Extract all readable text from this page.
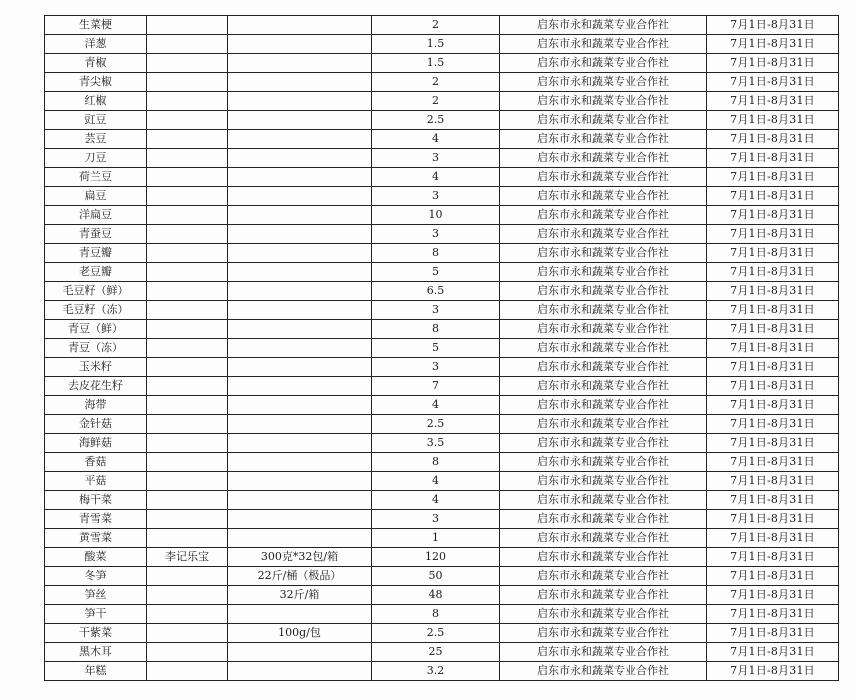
生菜梗			2	启东市永和蔬菜专业合作社	7月1日-8月31日
洋葱			1.5	启东市永和蔬菜专业合作社	7月1日-8月31日
青椒			1.5	启东市永和蔬菜专业合作社	7月1日-8月31日
青尖椒			2	启东市永和蔬菜专业合作社	7月1日-8月31日
红椒			2	启东市永和蔬菜专业合作社	7月1日-8月31日
豇豆			2.5	启东市永和蔬菜专业合作社	7月1日-8月31日
芸豆			4	启东市永和蔬菜专业合作社	7月1日-8月31日
刀豆			3	启东市永和蔬菜专业合作社	7月1日-8月31日
荷兰豆			4	启东市永和蔬菜专业合作社	7月1日-8月31日
扁豆			3	启东市永和蔬菜专业合作社	7月1日-8月31日
洋扁豆			10	启东市永和蔬菜专业合作社	7月1日-8月31日
青蚕豆			3	启东市永和蔬菜专业合作社	7月1日-8月31日
青豆瓣			8	启东市永和蔬菜专业合作社	7月1日-8月31日
老豆瓣			5	启东市永和蔬菜专业合作社	7月1日-8月31日
毛豆籽（鲜）			6.5	启东市永和蔬菜专业合作社	7月1日-8月31日
毛豆籽（冻）			3	启东市永和蔬菜专业合作社	7月1日-8月31日
青豆（鲜）			8	启东市永和蔬菜专业合作社	7月1日-8月31日
青豆（冻）			5	启东市永和蔬菜专业合作社	7月1日-8月31日
玉米籽			3	启东市永和蔬菜专业合作社	7月1日-8月31日
去皮花生籽			7	启东市永和蔬菜专业合作社	7月1日-8月31日
海带			4	启东市永和蔬菜专业合作社	7月1日-8月31日
金针菇			2.5	启东市永和蔬菜专业合作社	7月1日-8月31日
海鲜菇			3.5	启东市永和蔬菜专业合作社	7月1日-8月31日
香菇			8	启东市永和蔬菜专业合作社	7月1日-8月31日
平菇			4	启东市永和蔬菜专业合作社	7月1日-8月31日
梅干菜			4	启东市永和蔬菜专业合作社	7月1日-8月31日
青雪菜			3	启东市永和蔬菜专业合作社	7月1日-8月31日
黄雪菜			1	启东市永和蔬菜专业合作社	7月1日-8月31日
酸菜	李记乐宝	300克*32包/箱	120	启东市永和蔬菜专业合作社	7月1日-8月31日
冬笋		22斤/桶（极品）	50	启东市永和蔬菜专业合作社	7月1日-8月31日
笋丝		32斤/箱	48	启东市永和蔬菜专业合作社	7月1日-8月31日
笋干			8	启东市永和蔬菜专业合作社	7月1日-8月31日
干紫菜		100g/包	2.5	启东市永和蔬菜专业合作社	7月1日-8月31日
黑木耳			25	启东市永和蔬菜专业合作社	7月1日-8月31日
年糕			3.2	启东市永和蔬菜专业合作社	7月1日-8月31日
